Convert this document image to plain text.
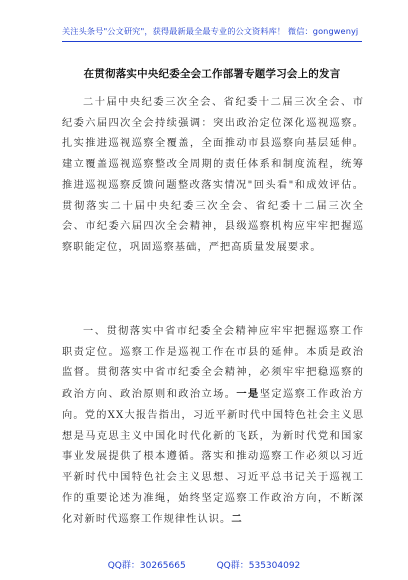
关注头条号"公文研究"，获得最新最全最专业的公文资料库！ 微信：gongwenyj
在贯彻落实中央纪委全会工作部署专题学习会上的发言

二十届中央纪委三次全会、省纪委十二届三次全会、市纪委六届四次全会持续强调：突出政治定位深化巡视巡察。扎实推进巡视巡察全覆盖，全面推动市县巡察向基层延伸。建立覆盖巡视巡察整改全周期的责任体系和制度流程，统筹推进巡视巡察反馈问题整改落实情况"回头看"和成效评估。贯彻落实二十届中央纪委三次全会、省纪委十二届三次全会、市纪委六届四次全会精神，县级巡察机构应牢牢把握巡察职能定位，巩固巡察基础，严把高质量发展要求。

一、贯彻落实中省市纪委全会精神应牢牢把握巡察工作职责定位。巡察工作是巡视工作在市县的延伸。本质是政治监督。贯彻落实中省市纪委全会精神，必须牢牢把稳巡察的政治方向、政治原则和政治立场。一是坚定巡察工作政治方向。党的XX大报告指出，习近平新时代中国特色社会主义思想是马克思主义中国化时代化新的飞跃，为新时代党和国家事业发展提供了根本遵循。落实和推动巡察工作必须以习近平新时代中国特色社会主义思想、习近平总书记关于巡视工作的重要论述为准绳，始终坚定巡察工作政治方向，不断深化对新时代巡察工作规律性认识。二

QQ群：30265665	QQ群：535304092
